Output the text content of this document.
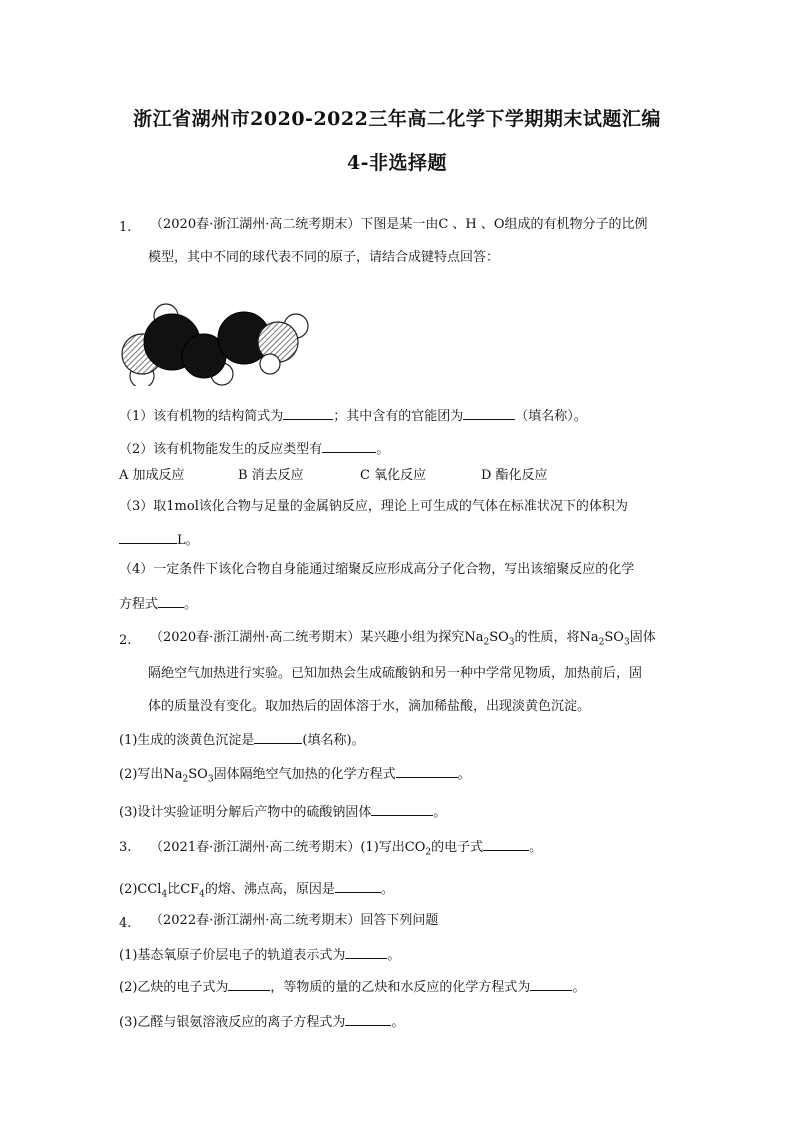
浙江省湖州市2020-2022三年高二化学下学期期末试题汇编
4-非选择题
1. （2020春·浙江湖州·高二统考期末）下图是某一由C 、H 、O组成的有机物分子的比例
模型，其中不同的球代表不同的原子，请结合成键特点回答：
（1）该有机物的结构简式为	；其中含有的官能团为	（填名称）。
（2）该有机物能发生的反应类型有	。
A 加成反应	B 消去反应	C 氧化反应	D 酯化反应
（3）取1mol该化合物与足量的金属钠反应，理论上可生成的气体在标准状况下的体积为
L。
（4）一定条件下该化合物自身能通过缩聚反应形成高分子化合物，写出该缩聚反应的化学
方程式 。
2. （2020春·浙江湖州·高二统考期末）某兴趣小组为探究$Na_2SO_3$的性质，将$Na_2SO_3$固体
隔绝空气加热进行实验。已知加热会生成硫酸钠和另一种中学常见物质，加热前后，固
体的质量没有变化。取加热后的固体溶于水，滴加稀盐酸，出现淡黄色沉淀。
(1)生成的淡黄色沉淀是	(填名称)。
(2)写出$Na_2SO_3$固体隔绝空气加热的化学方程式	。
(3)设计实验证明分解后产物中的硫酸钠固体	。
3. （2021春·浙江湖州·高二统考期末）(1)写出$CO_2$的电子式	。
(2)CCl$_4$比$CF_4$的熔、沸点高，原因是	。
4. （2022春·浙江湖州·高二统考期末）回答下列问题
(1)基态氧原子价层电子的轨道表示式为	。
(2)乙炔的电子式为	，等物质的量的乙炔和水反应的化学方程式为	。
(3)乙醛与银氨溶液反应的离子方程式为	。
